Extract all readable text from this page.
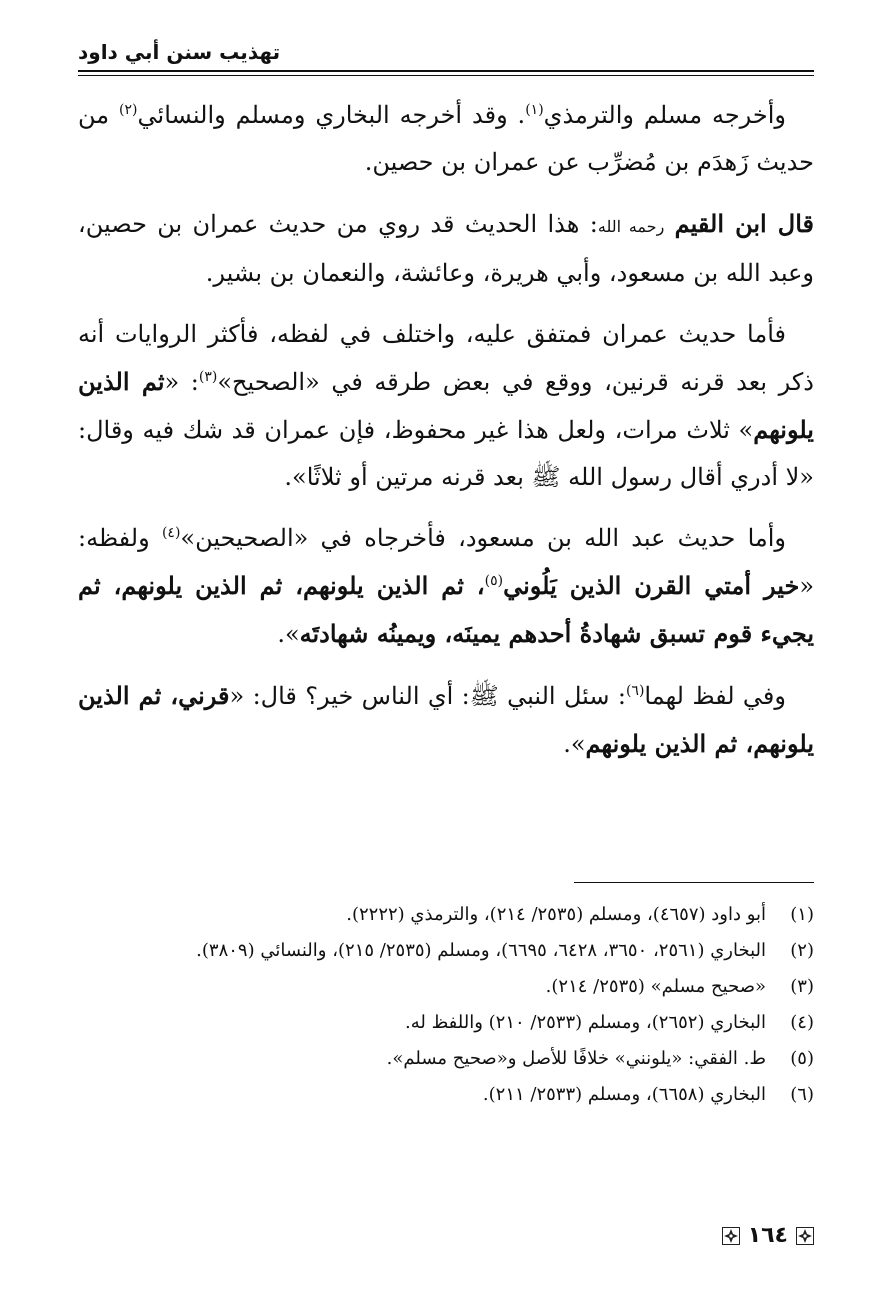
تهذيب سنن أبي داود

وأخرجه مسلم والترمذي$^{(١)}$. وقد أخرجه البخاري ومسلم والنسائي$^{(٢)}$ من حديث زَهدَم بن مُضرِّب عن عمران بن حصين.

قال ابن القيم رحمه الله: هذا الحديث قد روي من حديث عمران بن حصين، وعبد الله بن مسعود، وأبي هريرة، وعائشة، والنعمان بن بشير.

فأما حديث عمران فمتفق عليه، واختلف في لفظه، فأكثر الروايات أنه ذكر بعد قرنه قرنين، ووقع في بعض طرقه في «الصحيح»$^{(٣)}$: «ثم الذين يلونهم» ثلاث مرات، ولعل هذا غير محفوظ، فإن عمران قد شك فيه وقال: «لا أدري أقال رسول الله ﷺ بعد قرنه مرتين أو ثلاثًا».

وأما حديث عبد الله بن مسعود، فأخرجاه في «الصحيحين»$^{(٤)}$ ولفظه: «خير أمتي القرن الذين يَلُوني$^{(٥)}$، ثم الذين يلونهم، ثم الذين يلونهم، ثم يجيء قوم تسبق شهادةُ أحدهم يمينَه، ويمينُه شهادتَه».

وفي لفظ لهما$^{(٦)}$: سئل النبي ﷺ: أي الناس خير؟ قال: «قرني، ثم الذين يلونهم، ثم الذين يلونهم».

(١)
أبو داود (٤٦٥٧)، ومسلم (٢٥٣٥/ ٢١٤)، والترمذي (٢٢٢٢).
(٢)
البخاري (٢٥٦١، ٣٦٥٠، ٦٤٢٨، ٦٦٩٥)، ومسلم (٢٥٣٥/ ٢١٥)، والنسائي (٣٨٠٩).
(٣)
«صحيح مسلم» (٢٥٣٥/ ٢١٤).
(٤)
البخاري (٢٦٥٢)، ومسلم (٢٥٣٣/ ٢١٠) واللفظ له.
(٥)
ط. الفقي: «يلونني» خلافًا للأصل و«صحيح مسلم».
(٦)
البخاري (٦٦٥٨)، ومسلم (٢٥٣٣/ ٢١١).
١٦٤
